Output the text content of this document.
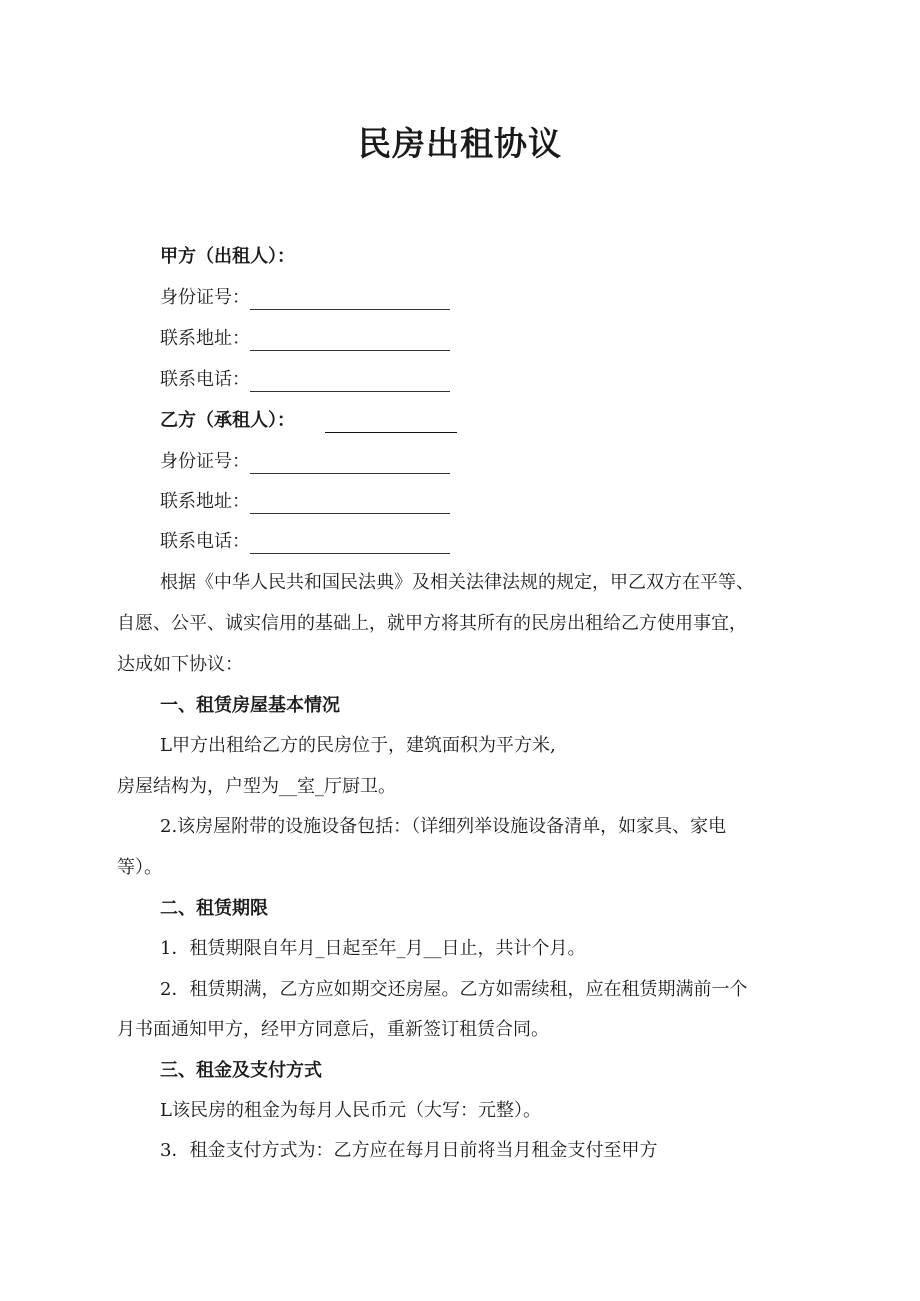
民房出租协议
甲方（出租人）：
身份证号：
联系地址：
联系电话：
乙方（承租人）：
身份证号：
联系地址：
联系电话：
根据《中华人民共和国民法典》及相关法律法规的规定，甲乙双方在平等、
自愿、公平、诚实信用的基础上，就甲方将其所有的民房出租给乙方使用事宜，
达成如下协议：
一、租赁房屋基本情况
L甲方出租给乙方的民房位于，建筑面积为平方米,
房屋结构为，户型为__室_厅厨卫。
2.该房屋附带的设施设备包括：（详细列举设施设备清单，如家具、家电
等）。
二、租赁期限
1．租赁期限自年月_日起至年_月__日止，共计个月。
2．租赁期满，乙方应如期交还房屋。乙方如需续租，应在租赁期满前一个
月书面通知甲方，经甲方同意后，重新签订租赁合同。
三、租金及支付方式
L该民房的租金为每月人民币元（大写：元整）。
3．租金支付方式为：乙方应在每月日前将当月租金支付至甲方
